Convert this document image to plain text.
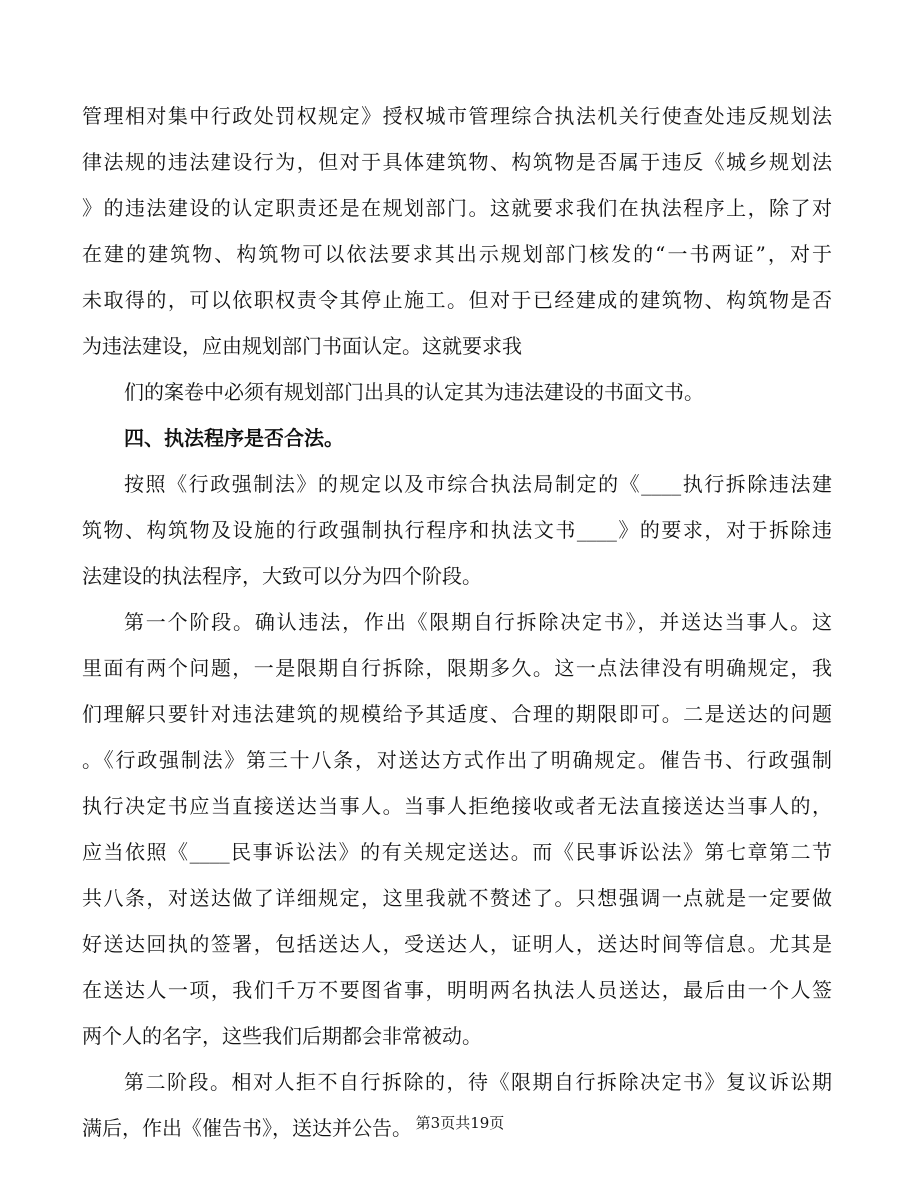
管理相对集中行政处罚权规定》授权城市管理综合执法机关行使查处违反规划法
律法规的违法建设行为，但对于具体建筑物、构筑物是否属于违反《城乡规划法
》的违法建设的认定职责还是在规划部门。这就要求我们在执法程序上，除了对
在建的建筑物、构筑物可以依法要求其出示规划部门核发的“一书两证”，对于
未取得的，可以依职权责令其停止施工。但对于已经建成的建筑物、构筑物是否
为违法建设，应由规划部门书面认定。这就要求我
们的案卷中必须有规划部门出具的认定其为违法建设的书面文书。
四、执法程序是否合法。
按照《行政强制法》的规定以及市综合执法局制定的《____执行拆除违法建
筑物、构筑物及设施的行政强制执行程序和执法文书____》的要求，对于拆除违
法建设的执法程序，大致可以分为四个阶段。
第一个阶段。确认违法，作出《限期自行拆除决定书》，并送达当事人。这
里面有两个问题，一是限期自行拆除，限期多久。这一点法律没有明确规定，我
们理解只要针对违法建筑的规模给予其适度、合理的期限即可。二是送达的问题
。《行政强制法》第三十八条，对送达方式作出了明确规定。催告书、行政强制
执行决定书应当直接送达当事人。当事人拒绝接收或者无法直接送达当事人的，
应当依照《____民事诉讼法》的有关规定送达。而《民事诉讼法》第七章第二节
共八条，对送达做了详细规定，这里我就不赘述了。只想强调一点就是一定要做
好送达回执的签署，包括送达人，受送达人，证明人，送达时间等信息。尤其是
在送达人一项，我们千万不要图省事，明明两名执法人员送达，最后由一个人签
两个人的名字，这些我们后期都会非常被动。
第二阶段。相对人拒不自行拆除的，待《限期自行拆除决定书》复议诉讼期
满后，作出《催告书》，送达并公告。 第3页共19页
